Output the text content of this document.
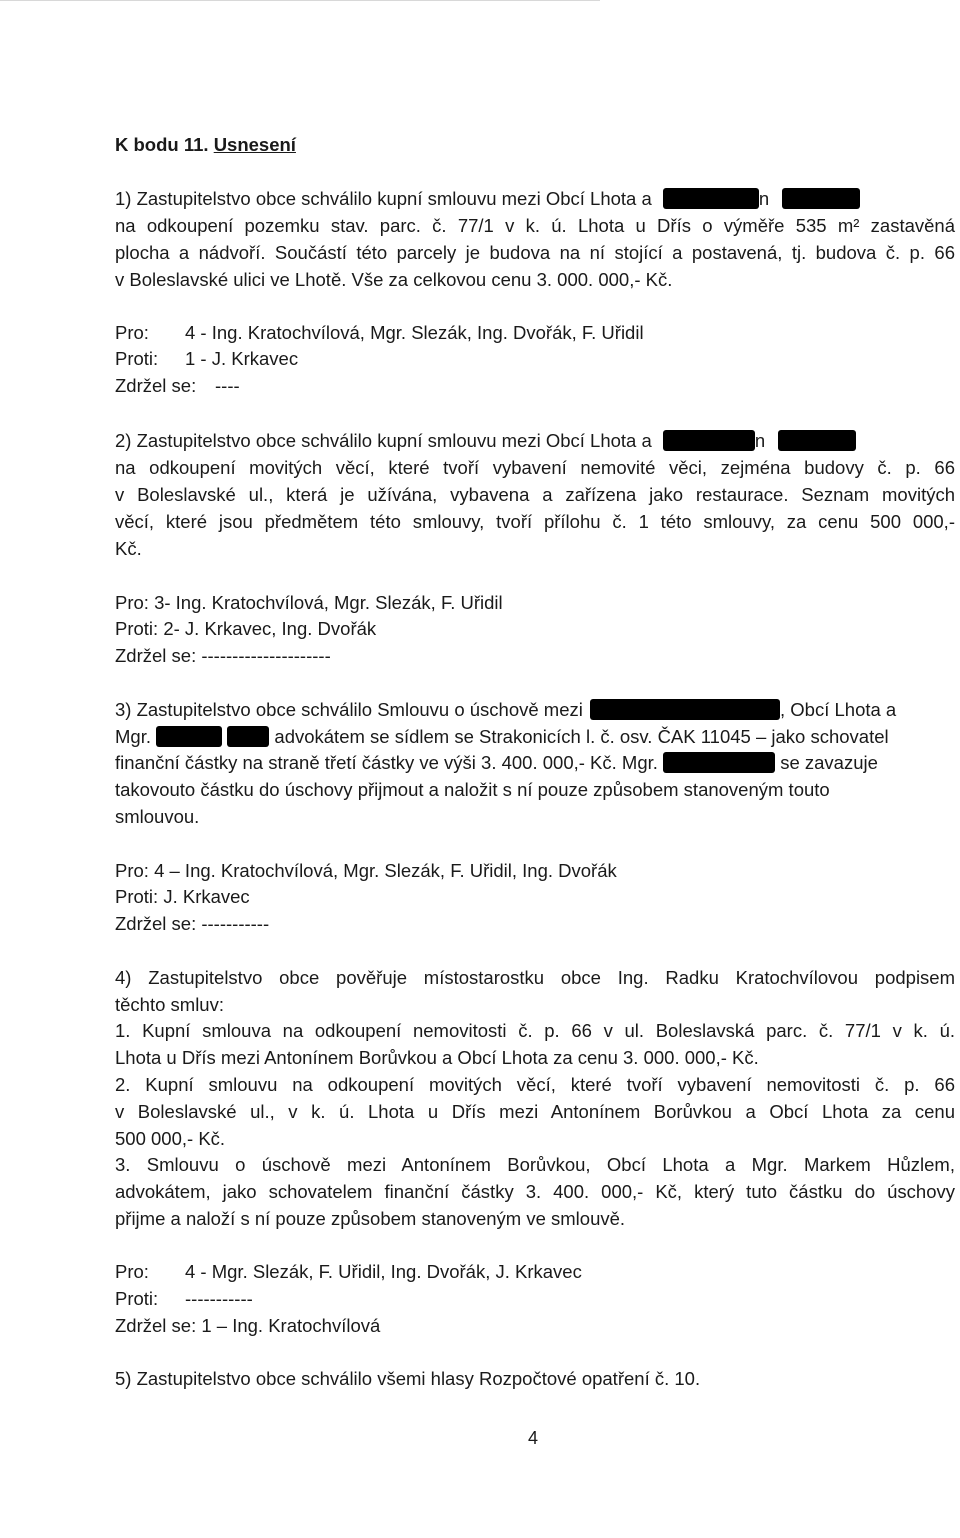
K bodu 11. Usnesení
1) Zastupitelstvo obce schválilo kupní smlouvu mezi Obcí Lhota a	n
na odkoupení pozemku stav. parc. č. 77/1 v k. ú. Lhota u Dřís o výměře 535 m² zastavěná
plocha a nádvoří. Součástí této parcely je budova na ní stojící a postavená, tj. budova č. p. 66
v Boleslavské ulici ve Lhotě. Vše za celkovou cenu 3. 000. 000,- Kč.
Pro: 4 - Ing. Kratochvílová, Mgr. Slezák, Ing. Dvořák, F. Uřidil
Proti: 1 - J. Krkavec
Zdržel se: ----
2) Zastupitelstvo obce schválilo kupní smlouvu mezi Obcí Lhota a	n
na odkoupení movitých věcí, které tvoří vybavení nemovité věci, zejména budovy č. p. 66
v Boleslavské ul., která je užívána, vybavena a zařízena jako restaurace. Seznam movitých
věcí, které jsou předmětem této smlouvy, tvoří přílohu č. 1 této smlouvy, za cenu 500 000,-
Kč.
Pro: 3- Ing. Kratochvílová, Mgr. Slezák, F. Uřidil
Proti: 2- J. Krkavec, Ing. Dvořák
Zdržel se: ---------------------
3) Zastupitelstvo obce schválilo Smlouvu o úschově mezi	, Obcí Lhota a
Mgr.	advokátem se sídlem se Strakonicích l. č. osv. ČAK 11045 – jako schovatel
finanční částky na straně třetí částky ve výši 3. 400. 000,- Kč. Mgr.	se zavazuje
takovouto částku do úschovy přijmout a naložit s ní pouze způsobem stanoveným touto
smlouvou.
Pro: 4 – Ing. Kratochvílová, Mgr. Slezák, F. Uřidil, Ing. Dvořák
Proti: J. Krkavec
Zdržel se: -----------
4) Zastupitelstvo obce pověřuje místostarostku obce Ing. Radku Kratochvílovou podpisem
těchto smluv:
1. Kupní smlouva na odkoupení nemovitosti č. p. 66 v ul. Boleslavská parc. č. 77/1 v k. ú.
Lhota u Dřís mezi Antonínem Borůvkou a Obcí Lhota za cenu 3. 000. 000,- Kč.
2. Kupní smlouvu na odkoupení movitých věcí, které tvoří vybavení nemovitosti č. p. 66
v Boleslavské ul., v k. ú. Lhota u Dřís mezi Antonínem Borůvkou a Obcí Lhota za cenu
500 000,- Kč.
3. Smlouvu o úschově mezi Antonínem Borůvkou, Obcí Lhota a Mgr. Markem Hůzlem,
advokátem, jako schovatelem finanční částky 3. 400. 000,- Kč, který tuto částku do úschovy
přijme a naloží s ní pouze způsobem stanoveným ve smlouvě.
Pro: 4 - Mgr. Slezák, F. Uřidil, Ing. Dvořák, J. Krkavec
Proti: -----------
Zdržel se: 1 – Ing. Kratochvílová
5) Zastupitelstvo obce schválilo všemi hlasy Rozpočtové opatření č. 10.
4
